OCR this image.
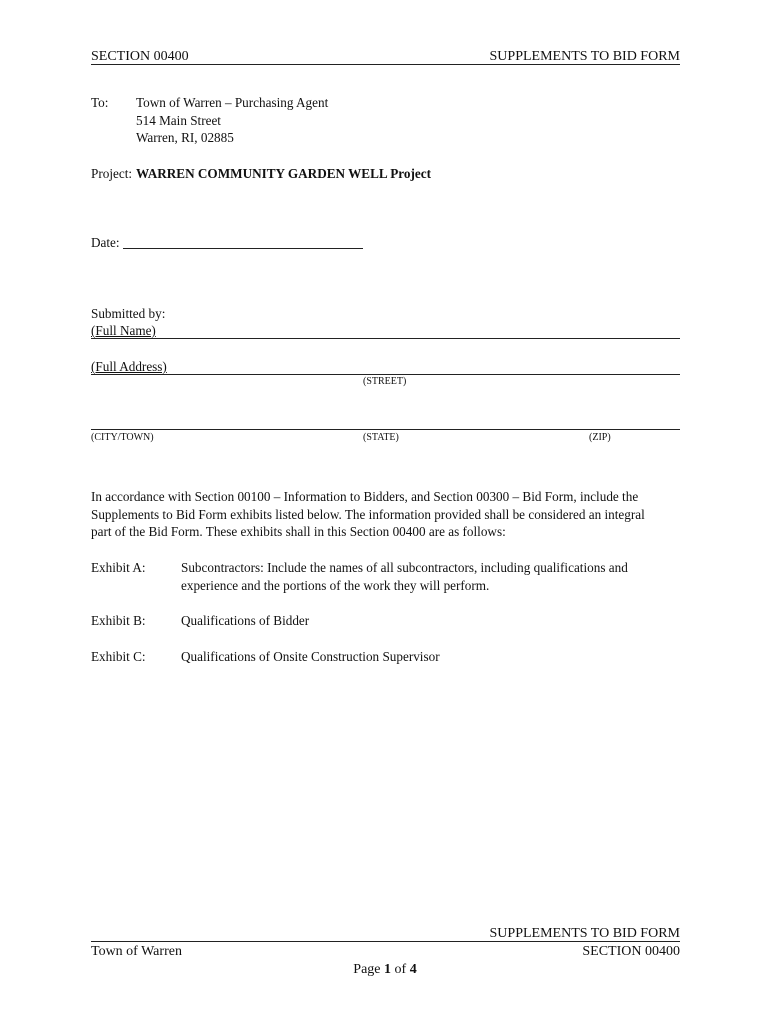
SECTION 00400	SUPPLEMENTS TO BID FORM
To: Town of Warren – Purchasing Agent
514 Main Street
Warren, RI, 02885
Project: WARREN COMMUNITY GARDEN WELL Project
Date:
Submitted by:
(Full Name)
(Full Address)
(STREET)
(CITY/TOWN)	(STATE)	(ZIP)
In accordance with Section 00100 – Information to Bidders, and Section 00300 – Bid Form, include the
Supplements to Bid Form exhibits listed below. The information provided shall be considered an integral
part of the Bid Form. These exhibits shall in this Section 00400 are as follows:
Exhibit A:	Subcontractors: Include the names of all subcontractors, including qualifications and
experience and the portions of the work they will perform.
Exhibit B:	Qualifications of Bidder
Exhibit C:	Qualifications of Onsite Construction Supervisor
SUPPLEMENTS TO BID FORM
Town of Warren	SECTION 00400
Page 1 of 4
